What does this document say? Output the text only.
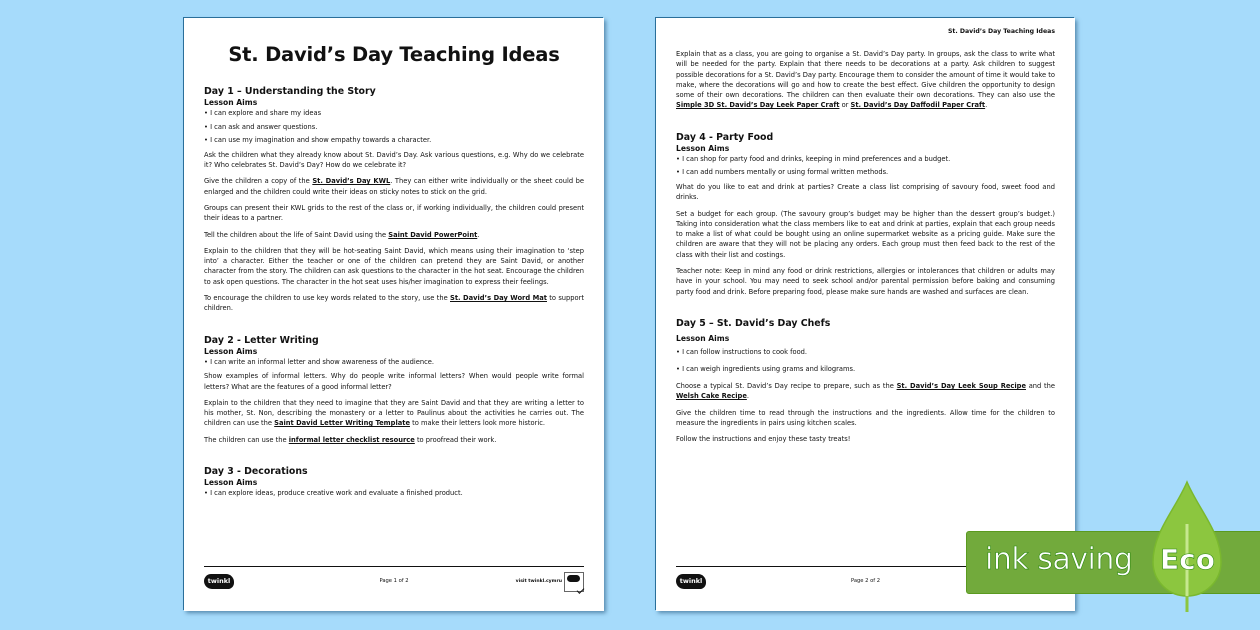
St. David’s Day Teaching Ideas
Day 1 – Understanding the Story
Lesson Aims
• I can explore and share my ideas
• I can ask and answer questions.
• I can use my imagination and show empathy towards a character.
Ask the children what they already know about St. David’s Day. Ask various questions, e.g. Why do we celebrate it? Who celebrates St. David’s Day? How do we celebrate it?
Give the children a copy of the St. David’s Day KWL. They can either write individually or the sheet could be enlarged and the children could write their ideas on sticky notes to stick on the grid.
Groups can present their KWL grids to the rest of the class or, if working individually, the children could present their ideas to a partner.
Tell the children about the life of Saint David using the Saint David PowerPoint.
Explain to the children that they will be hot-seating Saint David, which means using their imagination to ‘step into’ a character. Either the teacher or one of the children can pretend they are Saint David, or another character from the story. The children can ask questions to the character in the hot seat. Encourage the children to ask open questions. The character in the hot seat uses his/her imagination to express their feelings.
To encourage the children to use key words related to the story, use the St. David’s Day Word Mat to support children.
Day 2 - Letter Writing
Lesson Aims
• I can write an informal letter and show awareness of the audience.
Show examples of informal letters. Why do people write informal letters? When would people write formal letters? What are the features of a good informal letter?
Explain to the children that they need to imagine that they are Saint David and that they are writing a letter to his mother, St. Non, describing the monastery or a letter to Paulinus about the activities he carries out. The children can use the Saint David Letter Writing Template to make their letters look more historic.
The children can use the informal letter checklist resource to proofread their work.
Day 3 - Decorations
Lesson Aims
• I can explore ideas, produce creative work and evaluate a finished product.
twinkl	Page 1 of 2	visit twinkl.cymru
St. David’s Day Teaching Ideas
Explain that as a class, you are going to organise a St. David’s Day party. In groups, ask the class to write what will be needed for the party. Explain that there needs to be decorations at a party. Ask children to suggest possible decorations for a St. David’s Day party. Encourage them to consider the amount of time it would take to make, where the decorations will go and how to create the best effect. Give children the opportunity to design some of their own decorations. The children can then evaluate their own decorations. They can also use the Simple 3D St. David’s Day Leek Paper Craft or St. David’s Day Daffodil Paper Craft.
Day 4 - Party Food
Lesson Aims
• I can shop for party food and drinks, keeping in mind preferences and a budget.
• I can add numbers mentally or using formal written methods.
What do you like to eat and drink at parties? Create a class list comprising of savoury food, sweet food and drinks.
Set a budget for each group. (The savoury group’s budget may be higher than the dessert group’s budget.) Taking into consideration what the class members like to eat and drink at parties, explain that each group needs to make a list of what could be bought using an online supermarket website as a pricing guide. Make sure the children are aware that they will not be placing any orders. Each group must then feed back to the rest of the class with their list and costings.
Teacher note: Keep in mind any food or drink restrictions, allergies or intolerances that children or adults may have in your school. You may need to seek school and/or parental permission before baking and consuming party food and drink. Before preparing food, please make sure hands are washed and surfaces are clean.
Day 5 – St. David’s Day Chefs
Lesson Aims
• I can follow instructions to cook food.
• I can weigh ingredients using grams and kilograms.
Choose a typical St. David’s Day recipe to prepare, such as the St. David’s Day Leek Soup Recipe and the Welsh Cake Recipe.
Give the children time to read through the instructions and the ingredients. Allow time for the children to measure the ingredients in pairs using kitchen scales.
Follow the instructions and enjoy these tasty treats!
twinkl	Page 2 of 2
ink saving Eco
